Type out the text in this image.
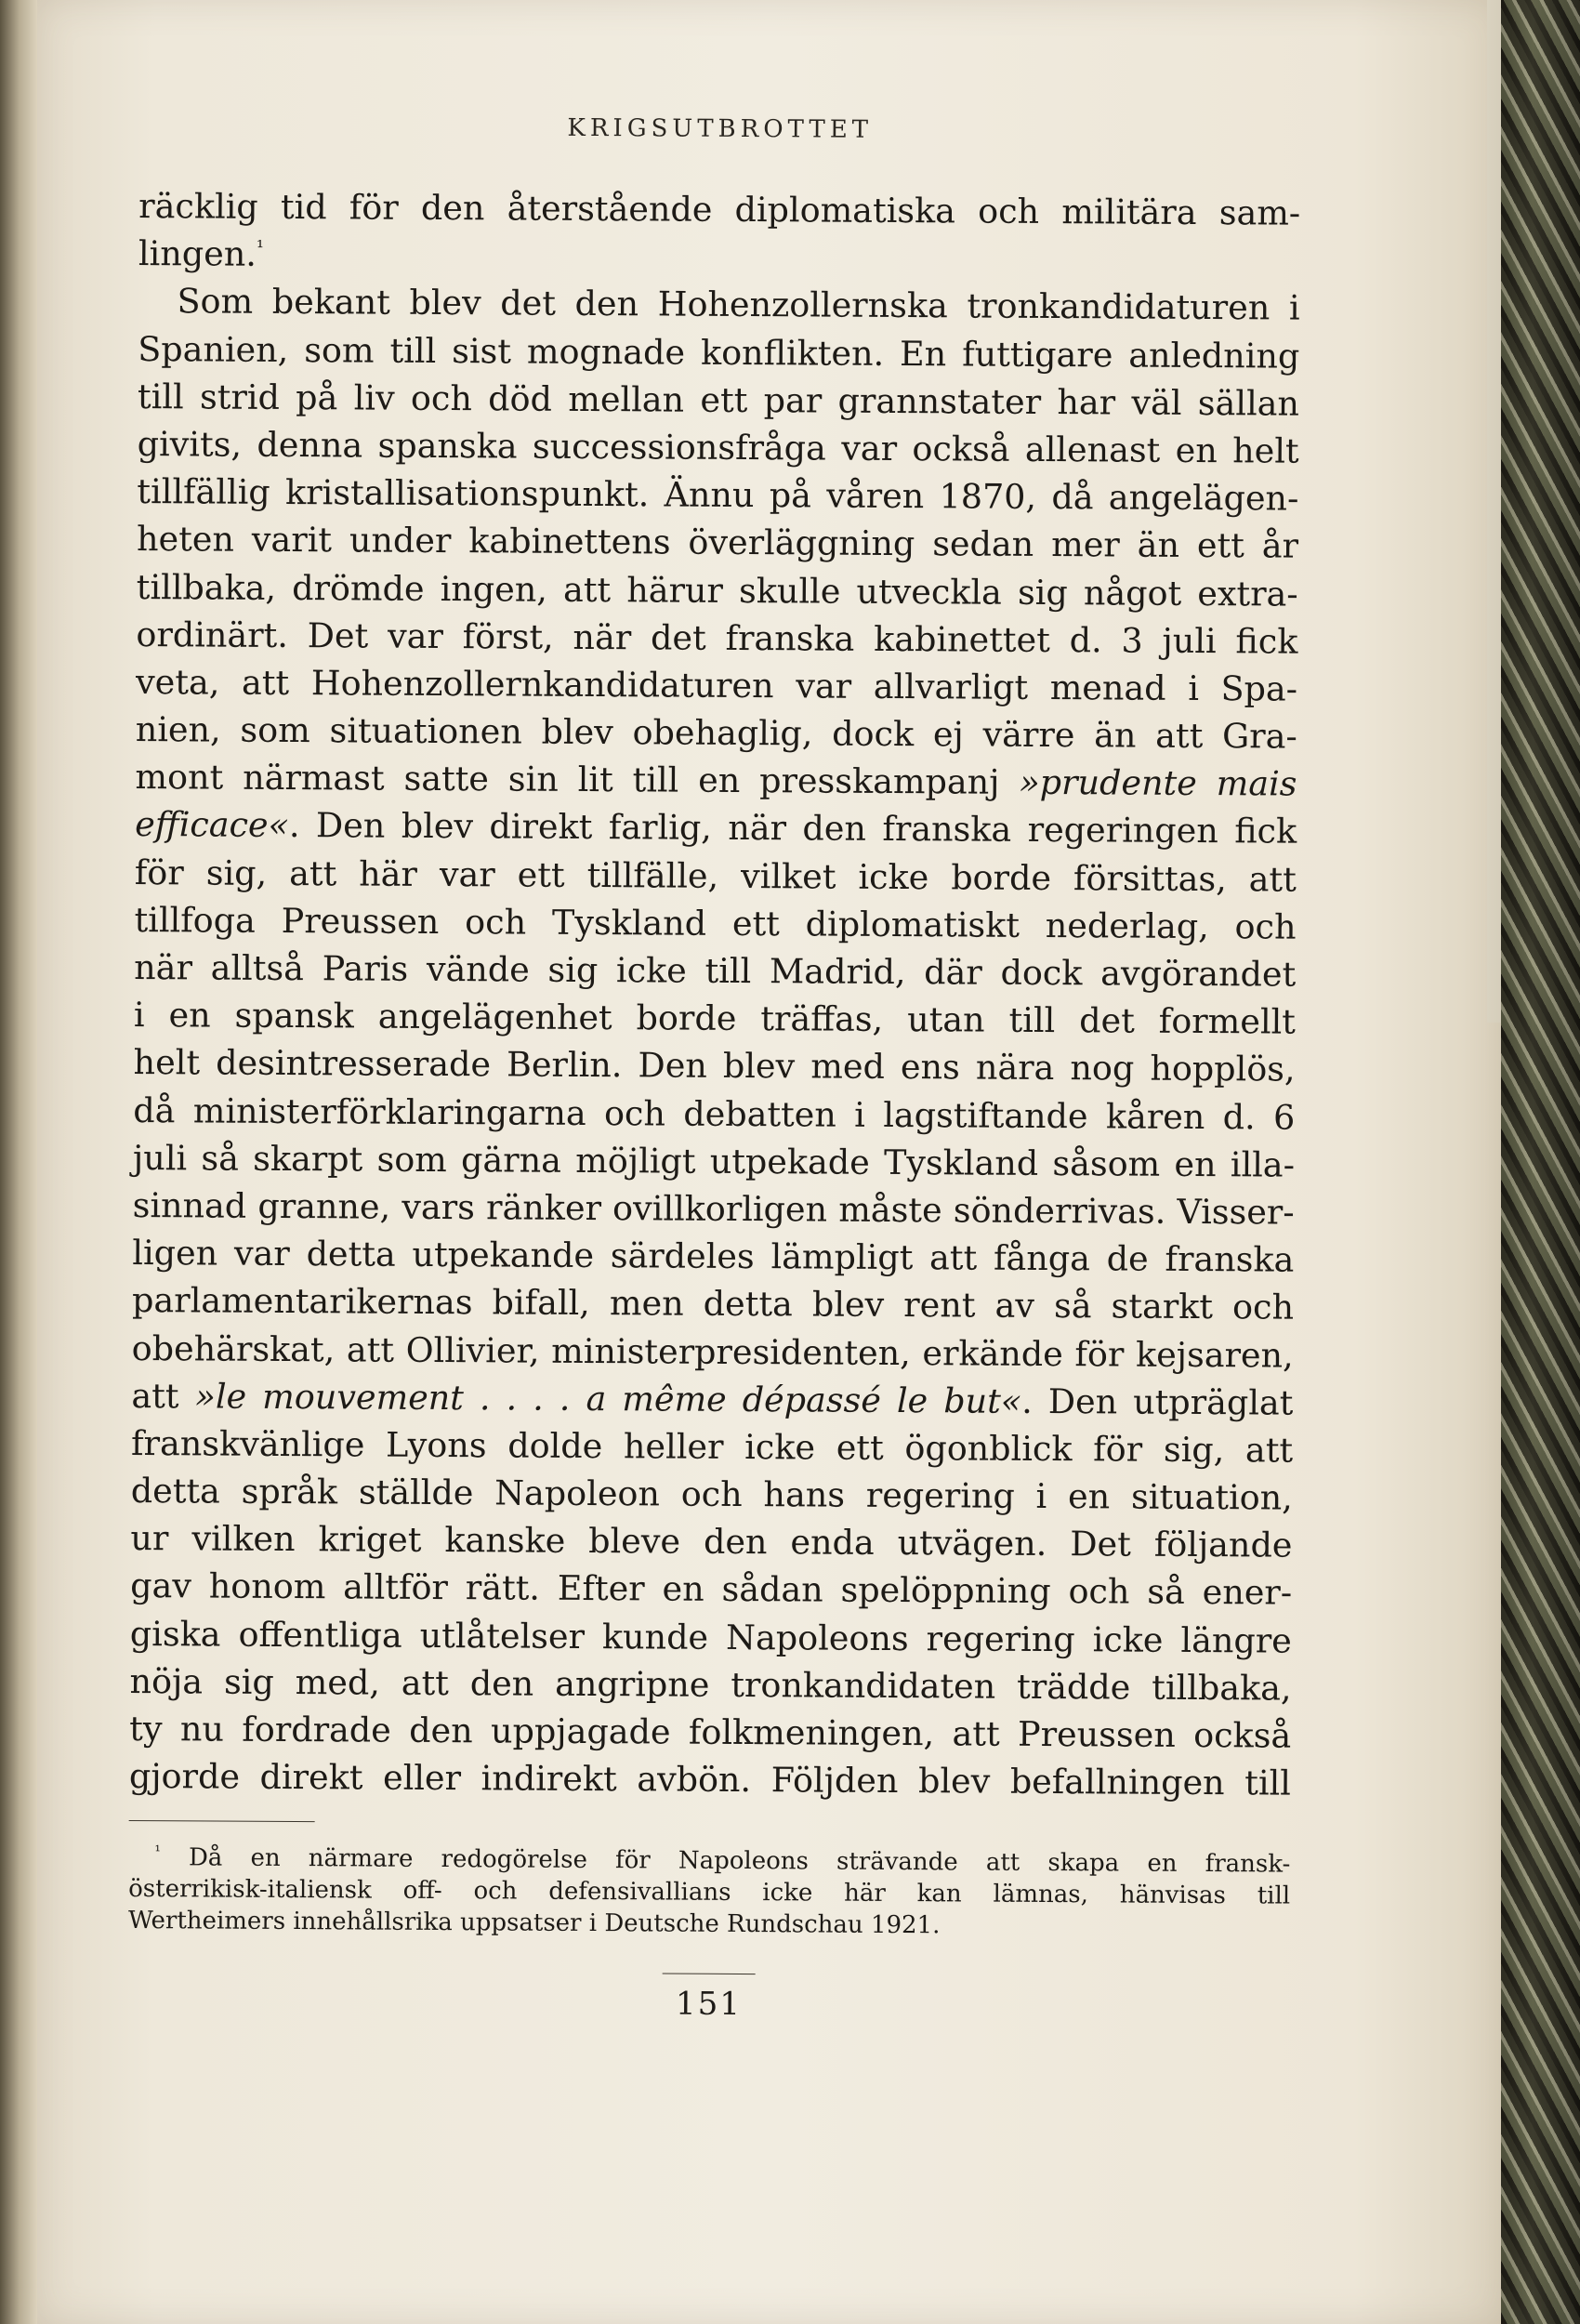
KRIGSUTBROTTET
räcklig tid för den återstående diplomatiska och militära sam-
lingen.$^{^1}$
Som bekant blev det den Hohenzollernska tronkandidaturen i
Spanien, som till sist mognade konflikten. En futtigare anledning
till strid på liv och död mellan ett par grannstater har väl sällan
givits, denna spanska successionsfråga var också allenast en helt
tillfällig kristallisationspunkt. Ännu på våren 1870, då angelägen-
heten varit under kabinettens överläggning sedan mer än ett år
tillbaka, drömde ingen, att härur skulle utveckla sig något extra-
ordinärt. Det var först, när det franska kabinettet d. 3 juli fick
veta, att Hohenzollernkandidaturen var allvarligt menad i Spa-
nien, som situationen blev obehaglig, dock ej värre än att Gra-
mont närmast satte sin lit till en presskampanj »prudente mais
efficace«. Den blev direkt farlig, när den franska regeringen fick
för sig, att här var ett tillfälle, vilket icke borde försittas, att
tillfoga Preussen och Tyskland ett diplomatiskt nederlag, och
när alltså Paris vände sig icke till Madrid, där dock avgörandet
i en spansk angelägenhet borde träffas, utan till det formellt
helt desintresserade Berlin. Den blev med ens nära nog hopplös,
då ministerförklaringarna och debatten i lagstiftande kåren d. 6
juli så skarpt som gärna möjligt utpekade Tyskland såsom en illa-
sinnad granne, vars ränker ovillkorligen måste sönderrivas. Visser-
ligen var detta utpekande särdeles lämpligt att fånga de franska
parlamentarikernas bifall, men detta blev rent av så starkt och
obehärskat, att Ollivier, ministerpresidenten, erkände för kejsaren,
att »le mouvement . . . . a même dépassé le but«. Den utpräglat
franskvänlige Lyons dolde heller icke ett ögonblick för sig, att
detta språk ställde Napoleon och hans regering i en situation,
ur vilken kriget kanske bleve den enda utvägen. Det följande
gav honom alltför rätt. Efter en sådan spelöppning och så ener-
giska offentliga utlåtelser kunde Napoleons regering icke längre
nöja sig med, att den angripne tronkandidaten trädde tillbaka,
ty nu fordrade den uppjagade folkmeningen, att Preussen också
gjorde direkt eller indirekt avbön. Följden blev befallningen till
$^{^1}$ Då en närmare redogörelse för Napoleons strävande att skapa en fransk-
österrikisk-italiensk off- och defensivallians icke här kan lämnas, hänvisas till
Wertheimers innehållsrika uppsatser i Deutsche Rundschau 1921.
151
